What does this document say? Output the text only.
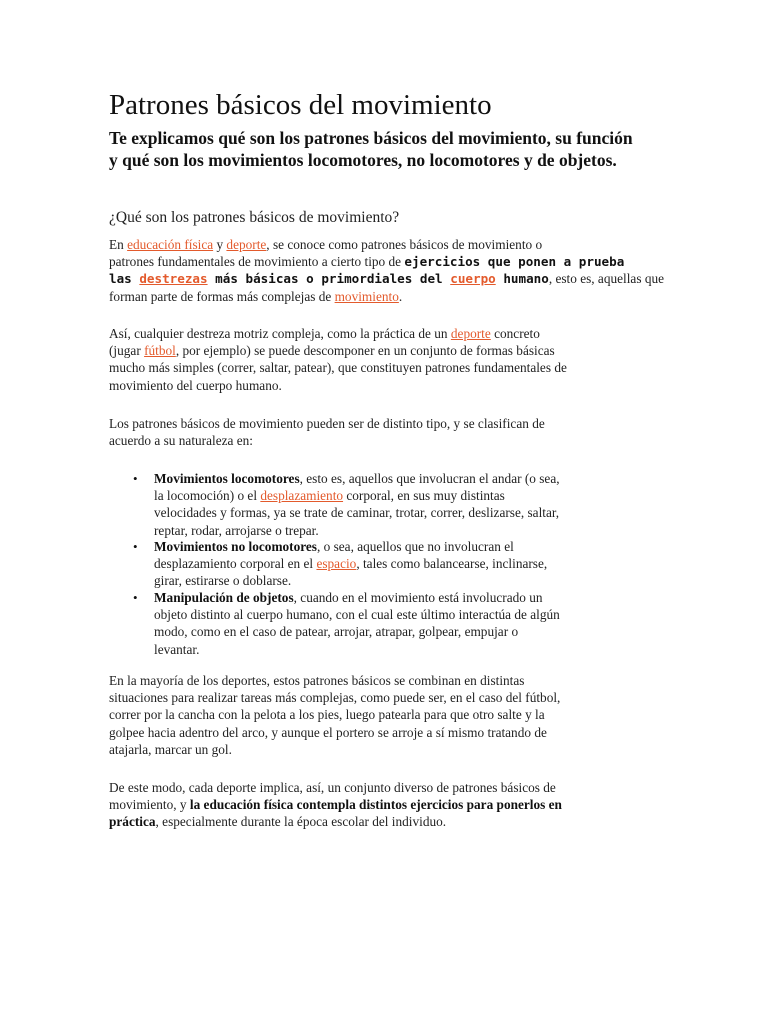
Patrones básicos del movimiento

Te explicamos qué son los patrones básicos del movimiento, su función
y qué son los movimientos locomotores, no locomotores y de objetos.

¿Qué son los patrones básicos de movimiento?

En educación física y deporte, se conoce como patrones básicos de movimiento o
patrones fundamentales de movimiento a cierto tipo de ejercicios que ponen a prueba
las destrezas más básicas o primordiales del cuerpo humano, esto es, aquellas que
forman parte de formas más complejas de movimiento.

Así, cualquier destreza motriz compleja, como la práctica de un deporte concreto
(jugar fútbol, por ejemplo) se puede descomponer en un conjunto de formas básicas
mucho más simples (correr, saltar, patear), que constituyen patrones fundamentales de
movimiento del cuerpo humano.

Los patrones básicos de movimiento pueden ser de distinto tipo, y se clasifican de
acuerdo a su naturaleza en:

• Movimientos locomotores, esto es, aquellos que involucran el andar (o sea,
la locomoción) o el desplazamiento corporal, en sus muy distintas
velocidades y formas, ya se trate de caminar, trotar, correr, deslizarse, saltar,
reptar, rodar, arrojarse o trepar.
• Movimientos no locomotores, o sea, aquellos que no involucran el
desplazamiento corporal en el espacio, tales como balancearse, inclinarse,
girar, estirarse o doblarse.
• Manipulación de objetos, cuando en el movimiento está involucrado un
objeto distinto al cuerpo humano, con el cual este último interactúa de algún
modo, como en el caso de patear, arrojar, atrapar, golpear, empujar o
levantar.

En la mayoría de los deportes, estos patrones básicos se combinan en distintas
situaciones para realizar tareas más complejas, como puede ser, en el caso del fútbol,
correr por la cancha con la pelota a los pies, luego patearla para que otro salte y la
golpee hacia adentro del arco, y aunque el portero se arroje a sí mismo tratando de
atajarla, marcar un gol.

De este modo, cada deporte implica, así, un conjunto diverso de patrones básicos de
movimiento, y la educación física contempla distintos ejercicios para ponerlos en
práctica, especialmente durante la época escolar del individuo.
